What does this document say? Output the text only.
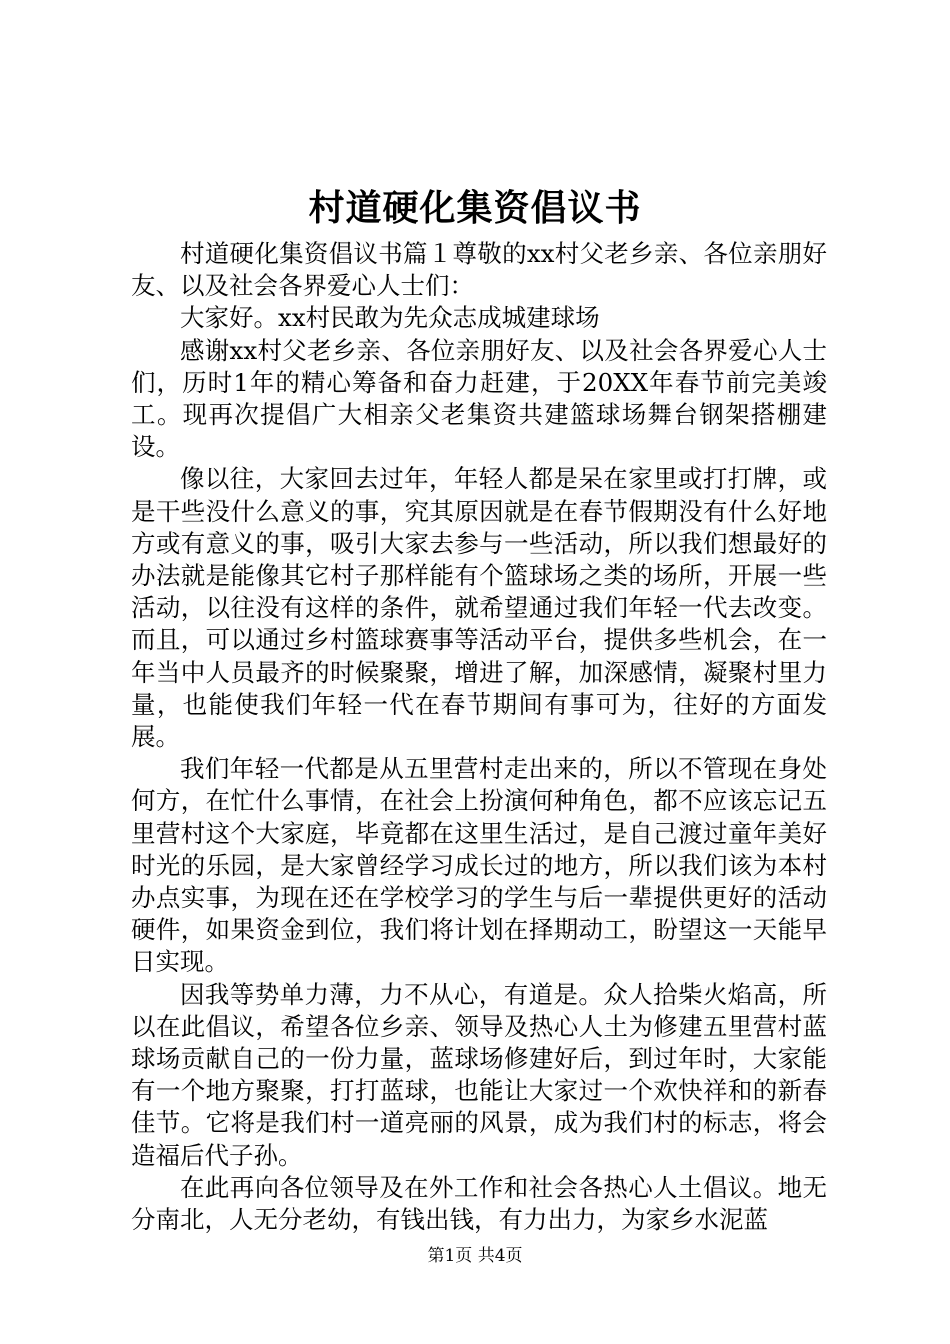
村道硬化集资倡议书

村道硬化集资倡议书篇１尊敬的xx村父老乡亲、各位亲朋好友、以及社会各界爱心人士们：

大家好。xx村民敢为先众志成城建球场

感谢xx村父老乡亲、各位亲朋好友、以及社会各界爱心人士们，历时1年的精心筹备和奋力赶建，于20XX年春节前完美竣工。现再次提倡广大相亲父老集资共建篮球场舞台钢架搭棚建设。

像以往，大家回去过年，年轻人都是呆在家里或打打牌，或是干些没什么意义的事，究其原因就是在春节假期没有什么好地方或有意义的事，吸引大家去参与一些活动，所以我们想最好的办法就是能像其它村子那样能有个篮球场之类的场所，开展一些活动，以往没有这样的条件，就希望通过我们年轻一代去改变。而且，可以通过乡村篮球赛事等活动平台，提供多些机会，在一年当中人员最齐的时候聚聚，增进了解，加深感情，凝聚村里力量，也能使我们年轻一代在春节期间有事可为，往好的方面发展。

我们年轻一代都是从五里营村走出来的，所以不管现在身处何方，在忙什么事情，在社会上扮演何种角色，都不应该忘记五里营村这个大家庭，毕竟都在这里生活过，是自己渡过童年美好时光的乐园，是大家曾经学习成长过的地方，所以我们该为本村办点实事，为现在还在学校学习的学生与后一辈提供更好的活动硬件，如果资金到位，我们将计划在择期动工，盼望这一天能早日实现。

因我等势单力薄，力不从心，有道是。众人拾柴火焰高，所以在此倡议，希望各位乡亲、领导及热心人土为修建五里营村蓝球场贡献自己的一份力量，蓝球场修建好后，到过年时，大家能有一个地方聚聚，打打蓝球，也能让大家过一个欢快祥和的新春佳节。它将是我们村一道亮丽的风景，成为我们村的标志，将会造福后代子孙。

在此再向各位领导及在外工作和社会各热心人土倡议。地无分南北，人无分老幼，有钱出钱，有力出力，为家乡水泥蓝

第1页 共4页
